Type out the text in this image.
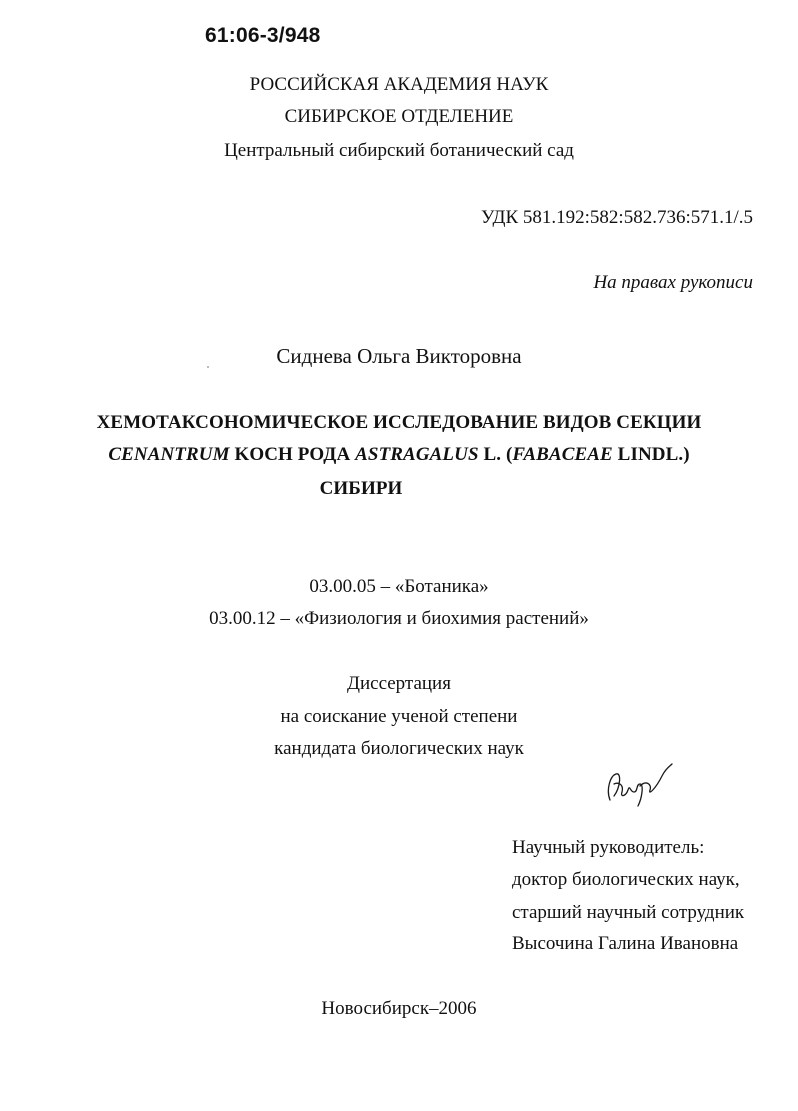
61:06-3/948
РОССИЙСКАЯ АКАДЕМИЯ НАУК
СИБИРСКОЕ ОТДЕЛЕНИЕ
Центральный сибирский ботанический сад
УДК 581.192:582:582.736:571.1/.5
На правах рукописи
Сиднева Ольга Викторовна
ХЕМОТАКСОНОМИЧЕСКОЕ ИССЛЕДОВАНИЕ ВИДОВ СЕКЦИИ
CENANTRUM KOCH РОДА ASTRAGALUS L. (FABACEAE LINDL.)
СИБИРИ
03.00.05 – «Ботаника»
03.00.12 – «Физиология и биохимия растений»
Диссертация
на соискание ученой степени
кандидата биологических наук
Научный руководитель:
доктор биологических наук,
старший научный сотрудник
Высочина Галина Ивановна
Новосибирск–2006
